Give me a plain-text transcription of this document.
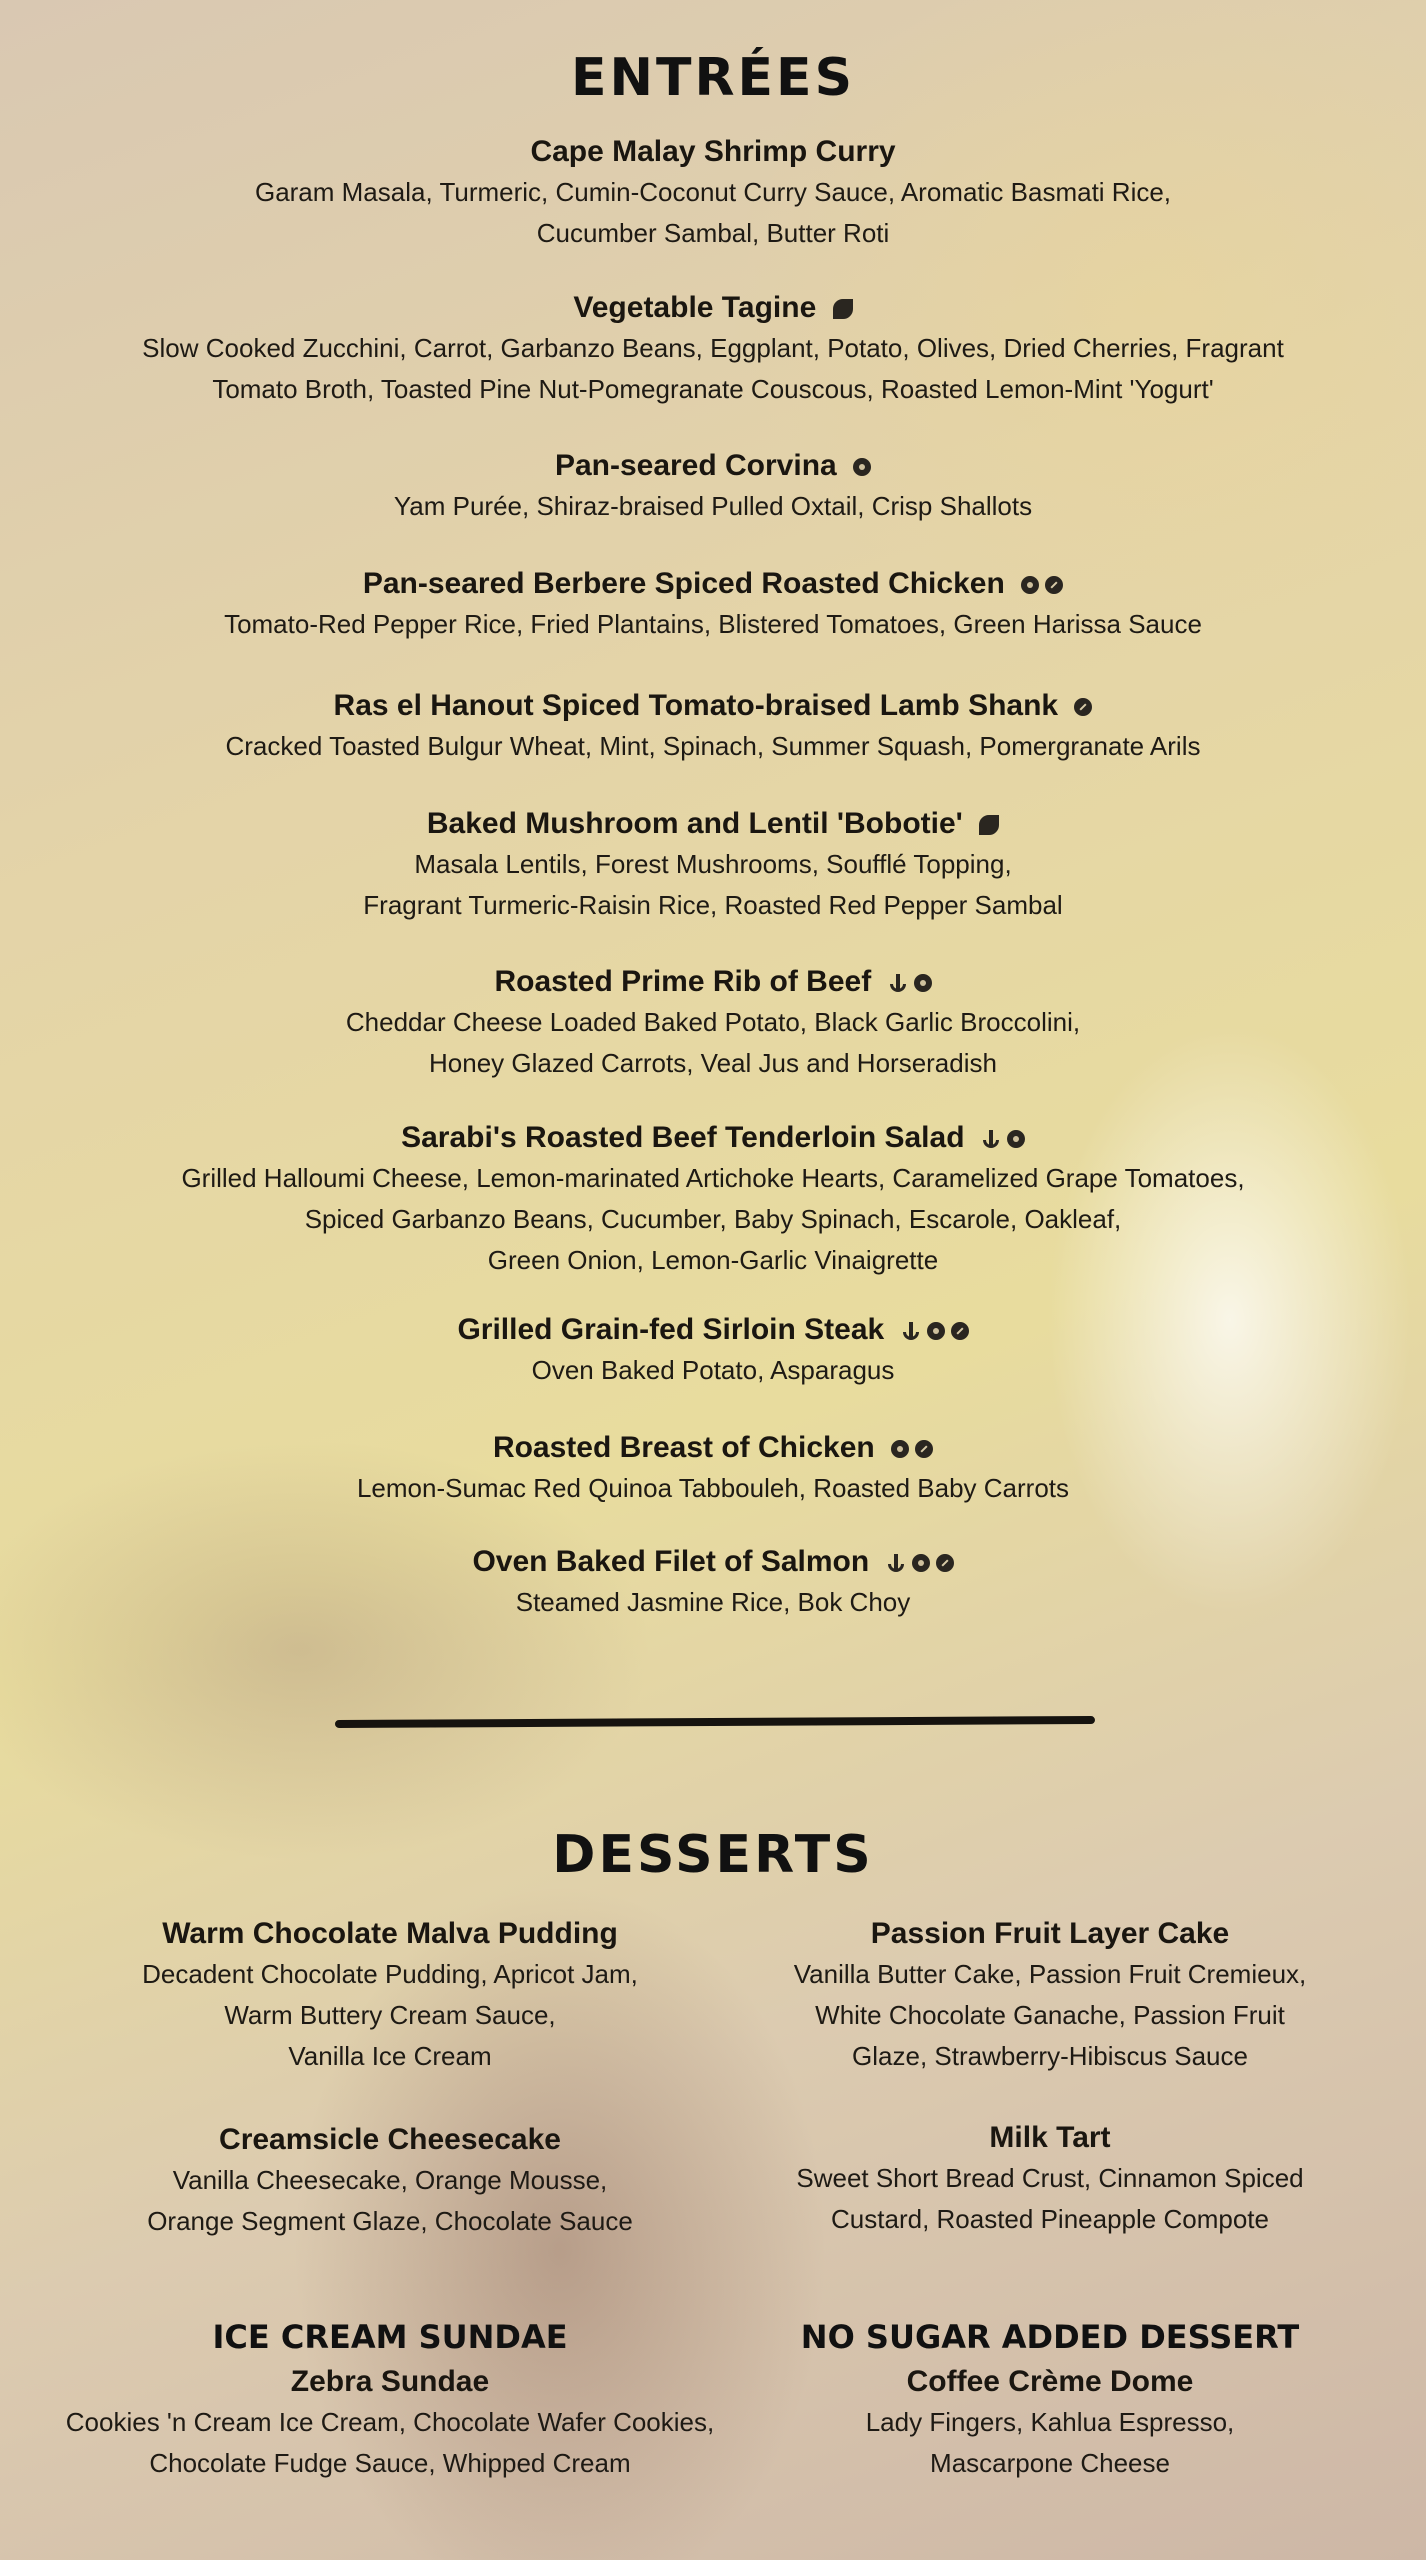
ENTRÉES
Cape Malay Shrimp Curry
Garam Masala, Turmeric, Cumin-Coconut Curry Sauce, Aromatic Basmati Rice,
Cucumber Sambal, Butter Roti
Vegetable Tagine
Slow Cooked Zucchini, Carrot, Garbanzo Beans, Eggplant, Potato, Olives, Dried Cherries, Fragrant
Tomato Broth, Toasted Pine Nut-Pomegranate Couscous, Roasted Lemon-Mint 'Yogurt'
Pan-seared Corvina
Yam Purée, Shiraz-braised Pulled Oxtail, Crisp Shallots
Pan-seared Berbere Spiced Roasted Chicken
Tomato-Red Pepper Rice, Fried Plantains, Blistered Tomatoes, Green Harissa Sauce
Ras el Hanout Spiced Tomato-braised Lamb Shank
Cracked Toasted Bulgur Wheat, Mint, Spinach, Summer Squash, Pomergranate Arils
Baked Mushroom and Lentil 'Bobotie'
Masala Lentils, Forest Mushrooms, Soufflé Topping,
Fragrant Turmeric-Raisin Rice, Roasted Red Pepper Sambal
Roasted Prime Rib of Beef
Cheddar Cheese Loaded Baked Potato, Black Garlic Broccolini,
Honey Glazed Carrots, Veal Jus and Horseradish
Sarabi's Roasted Beef Tenderloin Salad
Grilled Halloumi Cheese, Lemon-marinated Artichoke Hearts, Caramelized Grape Tomatoes,
Spiced Garbanzo Beans, Cucumber, Baby Spinach, Escarole, Oakleaf,
Green Onion, Lemon-Garlic Vinaigrette
Grilled Grain-fed Sirloin Steak
Oven Baked Potato, Asparagus
Roasted Breast of Chicken
Lemon-Sumac Red Quinoa Tabbouleh, Roasted Baby Carrots
Oven Baked Filet of Salmon
Steamed Jasmine Rice, Bok Choy
DESSERTS
Warm Chocolate Malva Pudding
Decadent Chocolate Pudding, Apricot Jam,
Warm Buttery Cream Sauce,
Vanilla Ice Cream
Passion Fruit Layer Cake
Vanilla Butter Cake, Passion Fruit Cremieux,
White Chocolate Ganache, Passion Fruit
Glaze, Strawberry-Hibiscus Sauce
Creamsicle Cheesecake
Vanilla Cheesecake, Orange Mousse,
Orange Segment Glaze, Chocolate Sauce
Milk Tart
Sweet Short Bread Crust, Cinnamon Spiced
Custard, Roasted Pineapple Compote
ICE CREAM SUNDAE
Zebra Sundae
Cookies 'n Cream Ice Cream, Chocolate Wafer Cookies,
Chocolate Fudge Sauce, Whipped Cream
NO SUGAR ADDED DESSERT
Coffee Crème Dome
Lady Fingers, Kahlua Espresso,
Mascarpone Cheese
